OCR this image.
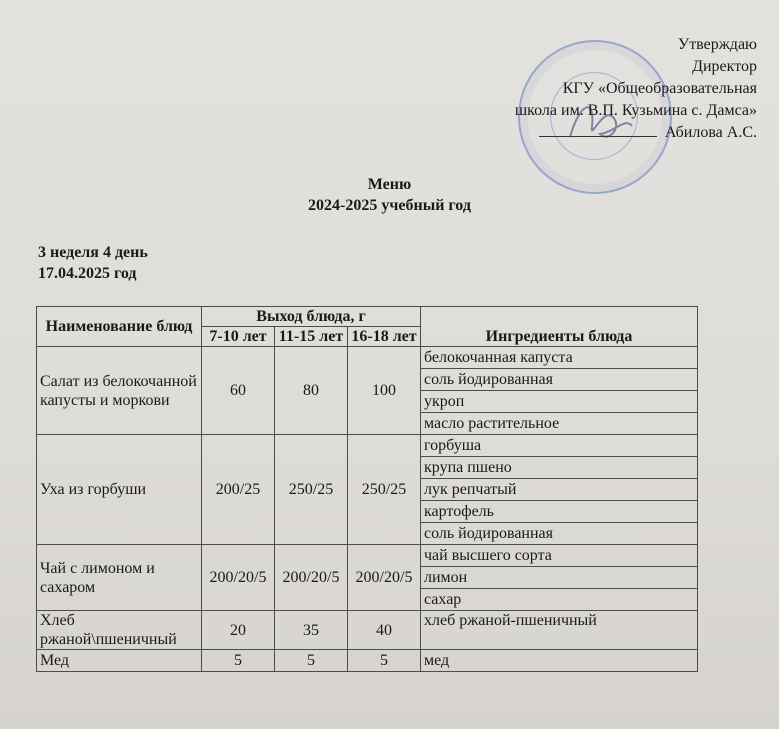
Утверждаю
Директор
КГУ «Общеобразовательная
школа им. В.П. Кузьмина с. Дамса»
Абилова А.С.
Меню
2024-2025 учебный год
3 неделя 4 день
17.04.2025 год
Наименование блюд	Выход блюда, г			Ингредиенты блюда
	7-10 лет	11-15 лет	16-18 лет	
Салат из белокочанной капусты и моркови	60	80	100	белокочанная капуста
				соль йодированная
				укроп
				масло растительное
Уха из горбуши	200/25	250/25	250/25	горбуша
				крупа пшено
				лук репчатый
				картофель
				соль йодированная
Чай с лимоном и сахаром	200/20/5	200/20/5	200/20/5	чай высшего сорта
				лимон
				сахар
Хлеб ржаной\пшеничный	20	35	40	хлеб ржаной-пшеничный
Мед	5	5	5	мед
